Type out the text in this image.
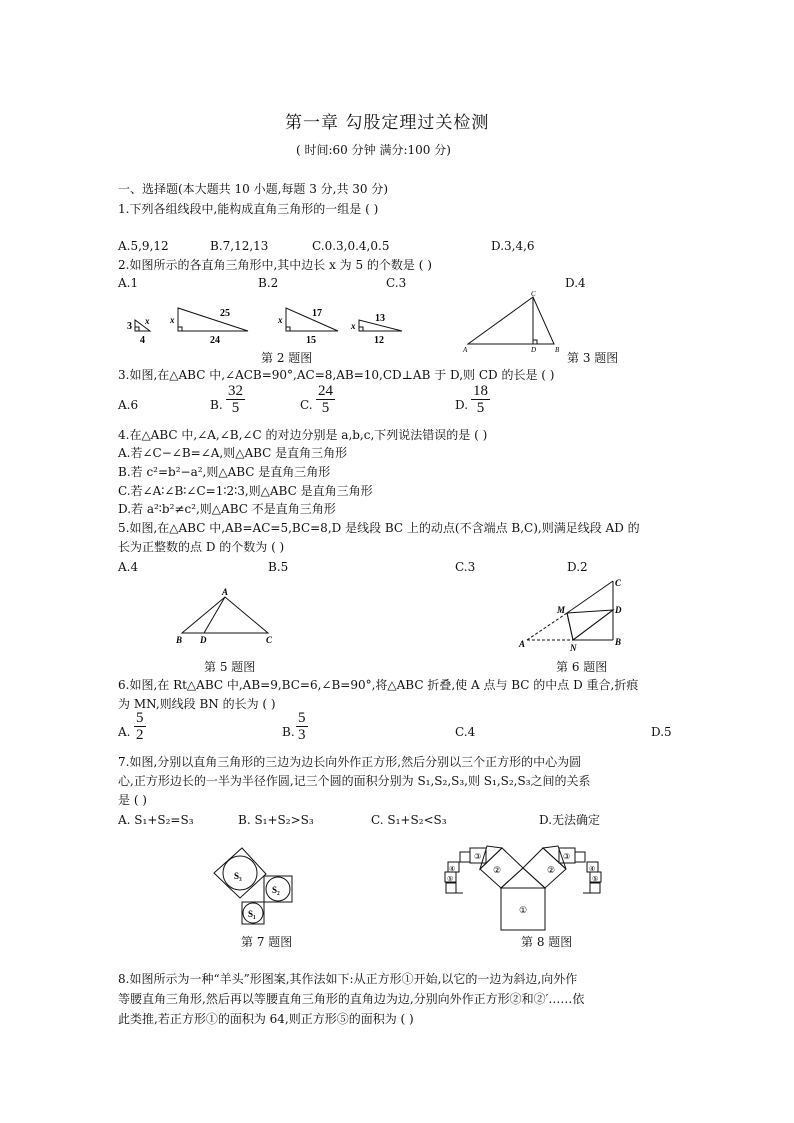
第一章 勾股定理过关检测
( 时间:60 分钟 满分:100 分)
一、选择题(本大题共 10 小题,每题 3 分,共 30 分)
1.下列各组线段中,能构成直角三角形的一组是 ( )
A.5,9,12	B.7,12,13	C.0.3,0.4,0.5	D.3,4,6
2.如图所示的各直角三角形中,其中边长 x 为 5 的个数是 ( )
A.1	B.2	C.3	D.4
3
4
x x
24
25
x
15
17
x
12
13
第 2 题图
A	B
C
D
第 3 题图
3.如图,在△ABC 中,∠ACB=90°,AC=8,AB=10,CD⊥AB 于 D,则 CD 的长是 ( )
A.6	B. $\frac{32}{5}$	C. $\frac{24}{5}$	D. $\frac{18}{5}$
4.在△ABC 中,∠A,∠B,∠C 的对边分别是 a,b,c,下列说法错误的是 ( )
A.若∠C−∠B=∠A,则△ABC 是直角三角形
B.若 c²=b²−a²,则△ABC 是直角三角形
C.若∠A∶∠B∶∠C=1∶2∶3,则△ABC 是直角三角形
D.若 a²∶b²≠c²,则△ABC 不是直角三角形
5.如图,在△ABC 中,AB=AC=5,BC=8,D 是线段 BC 上的动点(不含端点 B,C),则满足线段 AD 的
长为正整数的点 D 的个数为 ( )
A.4	B.5	C.3	D.2
A
B	C
D
第 5 题图
C
D
B
A
M
N
第 6 题图
6.如图,在 Rt△ABC 中,AB=9,BC=6,∠B=90°,将△ABC 折叠,使 A 点与 BC 的中点 D 重合,折痕
为 MN,则线段 BN 的长为 ( )
A. $\frac{5}{2}$	B. $\frac{5}{3}$	C.4	D.5
7.如图,分别以直角三角形的三边为边长向外作正方形,然后分别以三个正方形的中心为圆
心,正方形边长的一半为半径作圆,记三个圆的面积分别为 S₁,S₂,S₃,则 S₁,S₂,S₃之间的关系
是 ( )
A. S₁+S₂=S₃	B. S₁+S₂>S₃	C. S₁+S₂<S₃	D.无法确定
S₃
S₂
S₁
第 7 题图
①
②	②
③	③
④	④
⑤	⑤
第 8 题图
8.如图所示为一种“羊头”形图案,其作法如下:从正方形①开始,以它的一边为斜边,向外作
等腰直角三角形,然后再以等腰直角三角形的直角边为边,分别向外作正方形②和②′……依
此类推,若正方形①的面积为 64,则正方形⑤的面积为 ( )
